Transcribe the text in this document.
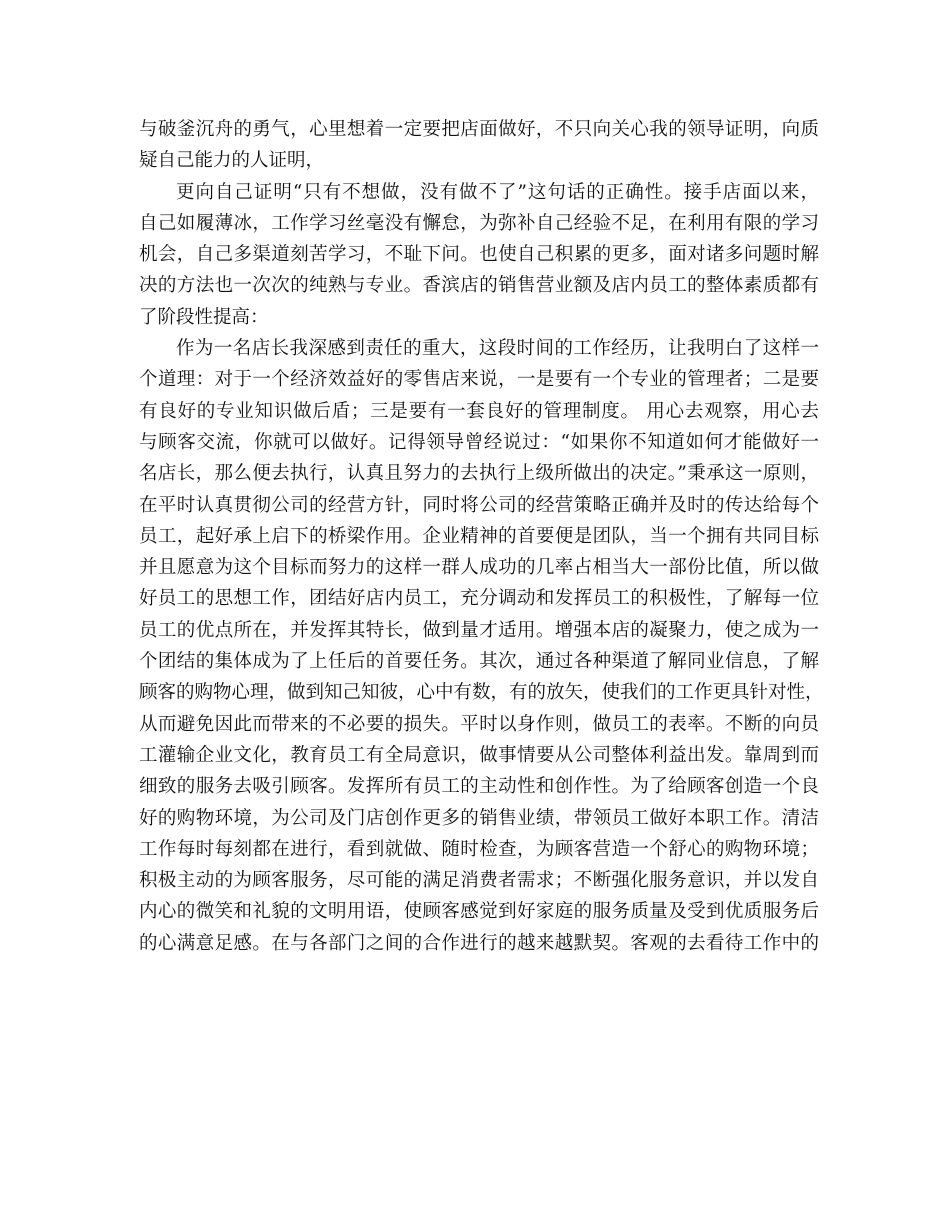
与破釜沉舟的勇气，心里想着一定要把店面做好，不只向关心我的领导证明，向质
疑自己能力的人证明，
更向自己证明“只有不想做，没有做不了”这句话的正确性。接手店面以来，
自己如履薄冰，工作学习丝毫没有懈怠，为弥补自己经验不足，在利用有限的学习
机会，自己多渠道刻苦学习，不耻下问。也使自己积累的更多，面对诸多问题时解
决的方法也一次次的纯熟与专业。香滨店的销售营业额及店内员工的整体素质都有
了阶段性提高：
作为一名店长我深感到责任的重大，这段时间的工作经历，让我明白了这样一
个道理：对于一个经济效益好的零售店来说，一是要有一个专业的管理者；二是要
有良好的专业知识做后盾；三是要有一套良好的管理制度。 用心去观察，用心去
与顾客交流，你就可以做好。记得领导曾经说过：“如果你不知道如何才能做好一
名店长，那么便去执行，认真且努力的去执行上级所做出的决定。”秉承这一原则，
在平时认真贯彻公司的经营方针，同时将公司的经营策略正确并及时的传达给每个
员工，起好承上启下的桥梁作用。企业精神的首要便是团队，当一个拥有共同目标
并且愿意为这个目标而努力的这样一群人成功的几率占相当大一部份比值，所以做
好员工的思想工作，团结好店内员工，充分调动和发挥员工的积极性，了解每一位
员工的优点所在，并发挥其特长，做到量才适用。增强本店的凝聚力，使之成为一
个团结的集体成为了上任后的首要任务。其次，通过各种渠道了解同业信息，了解
顾客的购物心理，做到知己知彼，心中有数，有的放矢，使我们的工作更具针对性，
从而避免因此而带来的不必要的损失。平时以身作则，做员工的表率。不断的向员
工灌输企业文化，教育员工有全局意识，做事情要从公司整体利益出发。靠周到而
细致的服务去吸引顾客。发挥所有员工的主动性和创作性。为了给顾客创造一个良
好的购物环境，为公司及门店创作更多的销售业绩，带领员工做好本职工作。清洁
工作每时每刻都在进行，看到就做、随时检查，为顾客营造一个舒心的购物环境；
积极主动的为顾客服务，尽可能的满足消费者需求；不断强化服务意识，并以发自
内心的微笑和礼貌的文明用语，使顾客感觉到好家庭的服务质量及受到优质服务后
的心满意足感。在与各部门之间的合作进行的越来越默契。客观的去看待工作中的
